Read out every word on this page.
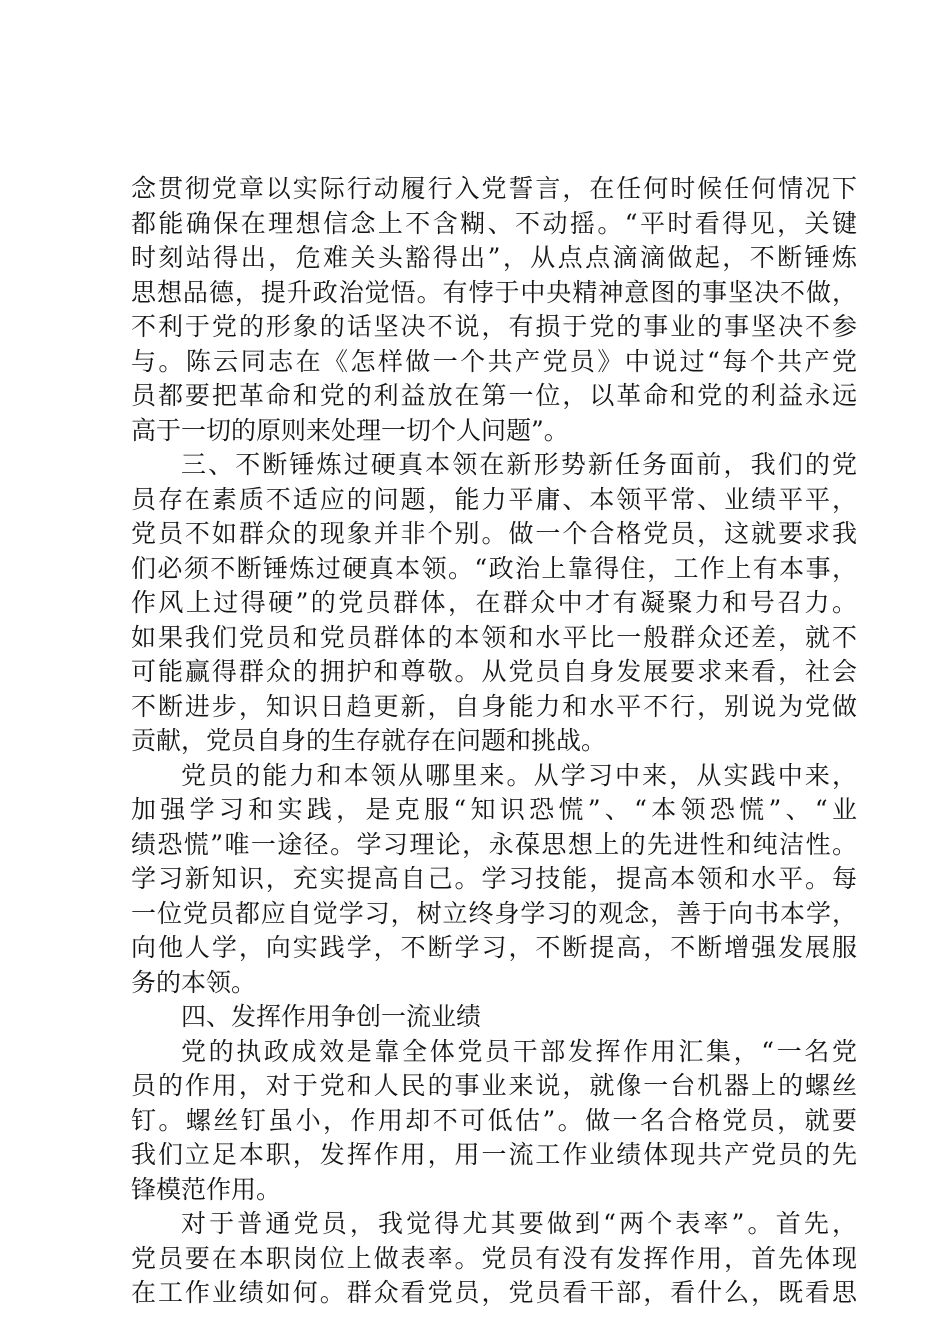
念贯彻党章以实际行动履行入党誓言，在任何时候任何情况下
都能确保在理想信念上不含糊、不动摇。“平时看得见，关键
时刻站得出，危难关头豁得出”，从点点滴滴做起，不断锤炼
思想品德，提升政治觉悟。有悖于中央精神意图的事坚决不做，
不利于党的形象的话坚决不说，有损于党的事业的事坚决不参
与。陈云同志在《怎样做一个共产党员》中说过“每个共产党
员都要把革命和党的利益放在第一位，以革命和党的利益永远
高于一切的原则来处理一切个人问题”。
三、不断锤炼过硬真本领在新形势新任务面前，我们的党
员存在素质不适应的问题，能力平庸、本领平常、业绩平平，
党员不如群众的现象并非个别。做一个合格党员，这就要求我
们必须不断锤炼过硬真本领。“政治上靠得住，工作上有本事，
作风上过得硬”的党员群体，在群众中才有凝聚力和号召力。
如果我们党员和党员群体的本领和水平比一般群众还差，就不
可能赢得群众的拥护和尊敬。从党员自身发展要求来看，社会
不断进步，知识日趋更新，自身能力和水平不行，别说为党做
贡献，党员自身的生存就存在问题和挑战。
党员的能力和本领从哪里来。从学习中来，从实践中来，
加强学习和实践，是克服“知识恐慌”、“本领恐慌”、“业
绩恐慌”唯一途径。学习理论，永葆思想上的先进性和纯洁性。
学习新知识，充实提高自己。学习技能，提高本领和水平。每
一位党员都应自觉学习，树立终身学习的观念，善于向书本学，
向他人学，向实践学，不断学习，不断提高，不断增强发展服
务的本领。
四、发挥作用争创一流业绩
党的执政成效是靠全体党员干部发挥作用汇集，“一名党
员的作用，对于党和人民的事业来说，就像一台机器上的螺丝
钉。螺丝钉虽小，作用却不可低估”。做一名合格党员，就要
我们立足本职，发挥作用，用一流工作业绩体现共产党员的先
锋模范作用。
对于普通党员，我觉得尤其要做到“两个表率”。首先，
党员要在本职岗位上做表率。党员有没有发挥作用，首先体现
在工作业绩如何。群众看党员，党员看干部，看什么，既看思
